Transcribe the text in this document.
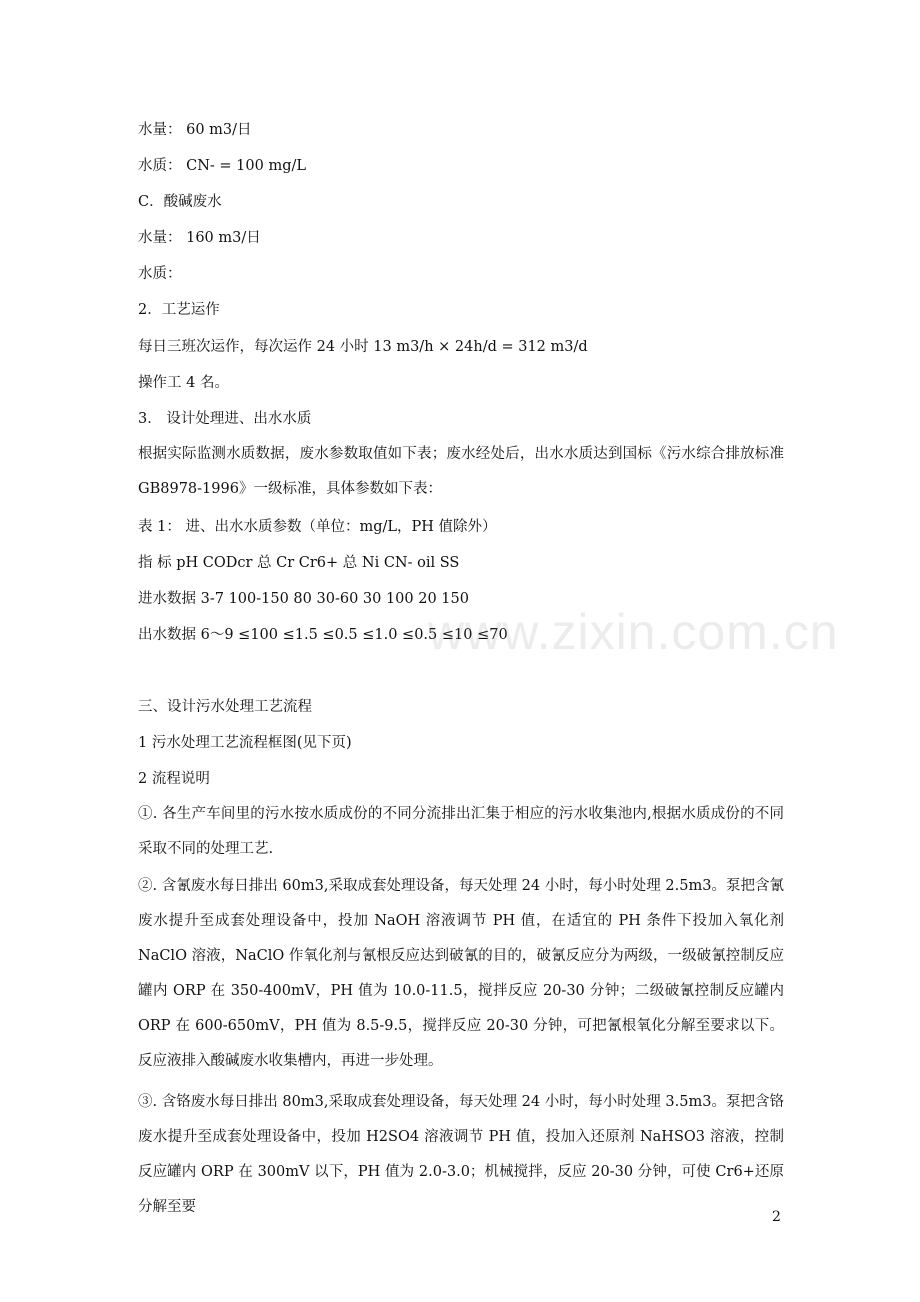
水量： 60 m3/日
水质： CN- = 100 mg/L
C．酸碱废水
水量： 160 m3/日
水质：
2．工艺运作
每日三班次运作，每次运作 24 小时 13 m3/h × 24h/d = 312 m3/d
操作工 4 名。
3． 设计处理进、出水水质
根据实际监测水质数据，废水参数取值如下表；废水经处后，出水水质达到国标《污水综合排放标准 GB8978-1996》一级标准，具体参数如下表：
表 1： 进、出水水质参数（单位：mg/L，PH 值除外）
指 标 pH CODcr 总 Cr Cr6+ 总 Ni CN- oil SS
进水数据 3-7 100-150 80 30-60 30 100 20 150
出水数据 6～9 ≤100 ≤1.5 ≤0.5 ≤1.0 ≤0.5 ≤10 ≤70
www.zixin.com.cn
三、设计污水处理工艺流程
1 污水处理工艺流程框图(见下页)
2 流程说明
①. 各生产车间里的污水按水质成份的不同分流排出汇集于相应的污水收集池内,根据水质成份的不同采取不同的处理工艺.
②. 含氰废水每日排出 60m3,采取成套处理设备，每天处理 24 小时，每小时处理 2.5m3。泵把含氰废水提升至成套处理设备中，投加 NaOH 溶液调节 PH 值，在适宜的 PH 条件下投加入氧化剂 NaClO 溶液，NaClO 作氧化剂与氰根反应达到破氰的目的，破氰反应分为两级，一级破氰控制反应罐内 ORP 在 350-400mV，PH 值为 10.0-11.5，搅拌反应 20-30 分钟；二级破氰控制反应罐内 ORP 在 600-650mV，PH 值为 8.5-9.5，搅拌反应 20-30 分钟，可把氰根氧化分解至要求以下。反应液排入酸碱废水收集槽内，再进一步处理。
③. 含铬废水每日排出 80m3,采取成套处理设备，每天处理 24 小时，每小时处理 3.5m3。泵把含铬废水提升至成套处理设备中，投加 H2SO4 溶液调节 PH 值，投加入还原剂 NaHSO3 溶液，控制反应罐内 ORP 在 300mV 以下，PH 值为 2.0-3.0；机械搅拌，反应 20-30 分钟，可使 Cr6+还原分解至要
2
